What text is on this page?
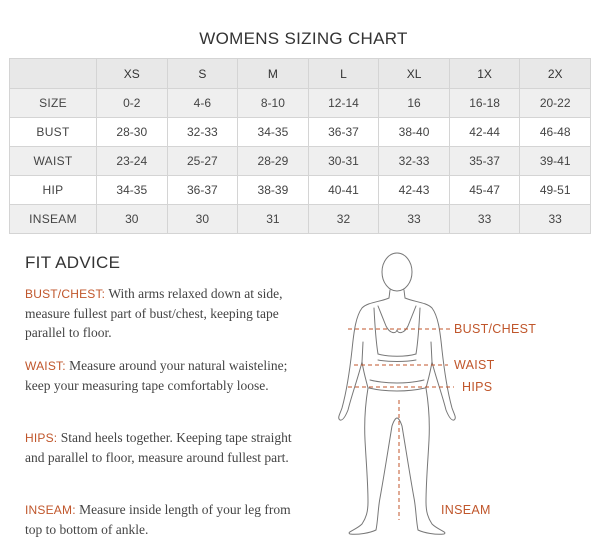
WOMENS SIZING CHART
	XS	S	M	L	XL	1X	2X
SIZE	0-2	4-6	8-10	12-14	16	16-18	20-22
BUST	28-30	32-33	34-35	36-37	38-40	42-44	46-48
WAIST	23-24	25-27	28-29	30-31	32-33	35-37	39-41
HIP	34-35	36-37	38-39	40-41	42-43	45-47	49-51
INSEAM	30	30	31	32	33	33	33
FIT ADVICE
BUST/CHEST: With arms relaxed down at side, measure fullest part of bust/chest, keeping tape parallel to floor.
WAIST: Measure around your natural waisteline; keep your measuring tape comfortably loose.
HIPS: Stand heels together. Keeping tape straight and parallel to floor, measure around fullest part.
INSEAM: Measure inside length of your leg from top to bottom of ankle.
BUST/CHEST
WAIST
HIPS
INSEAM
